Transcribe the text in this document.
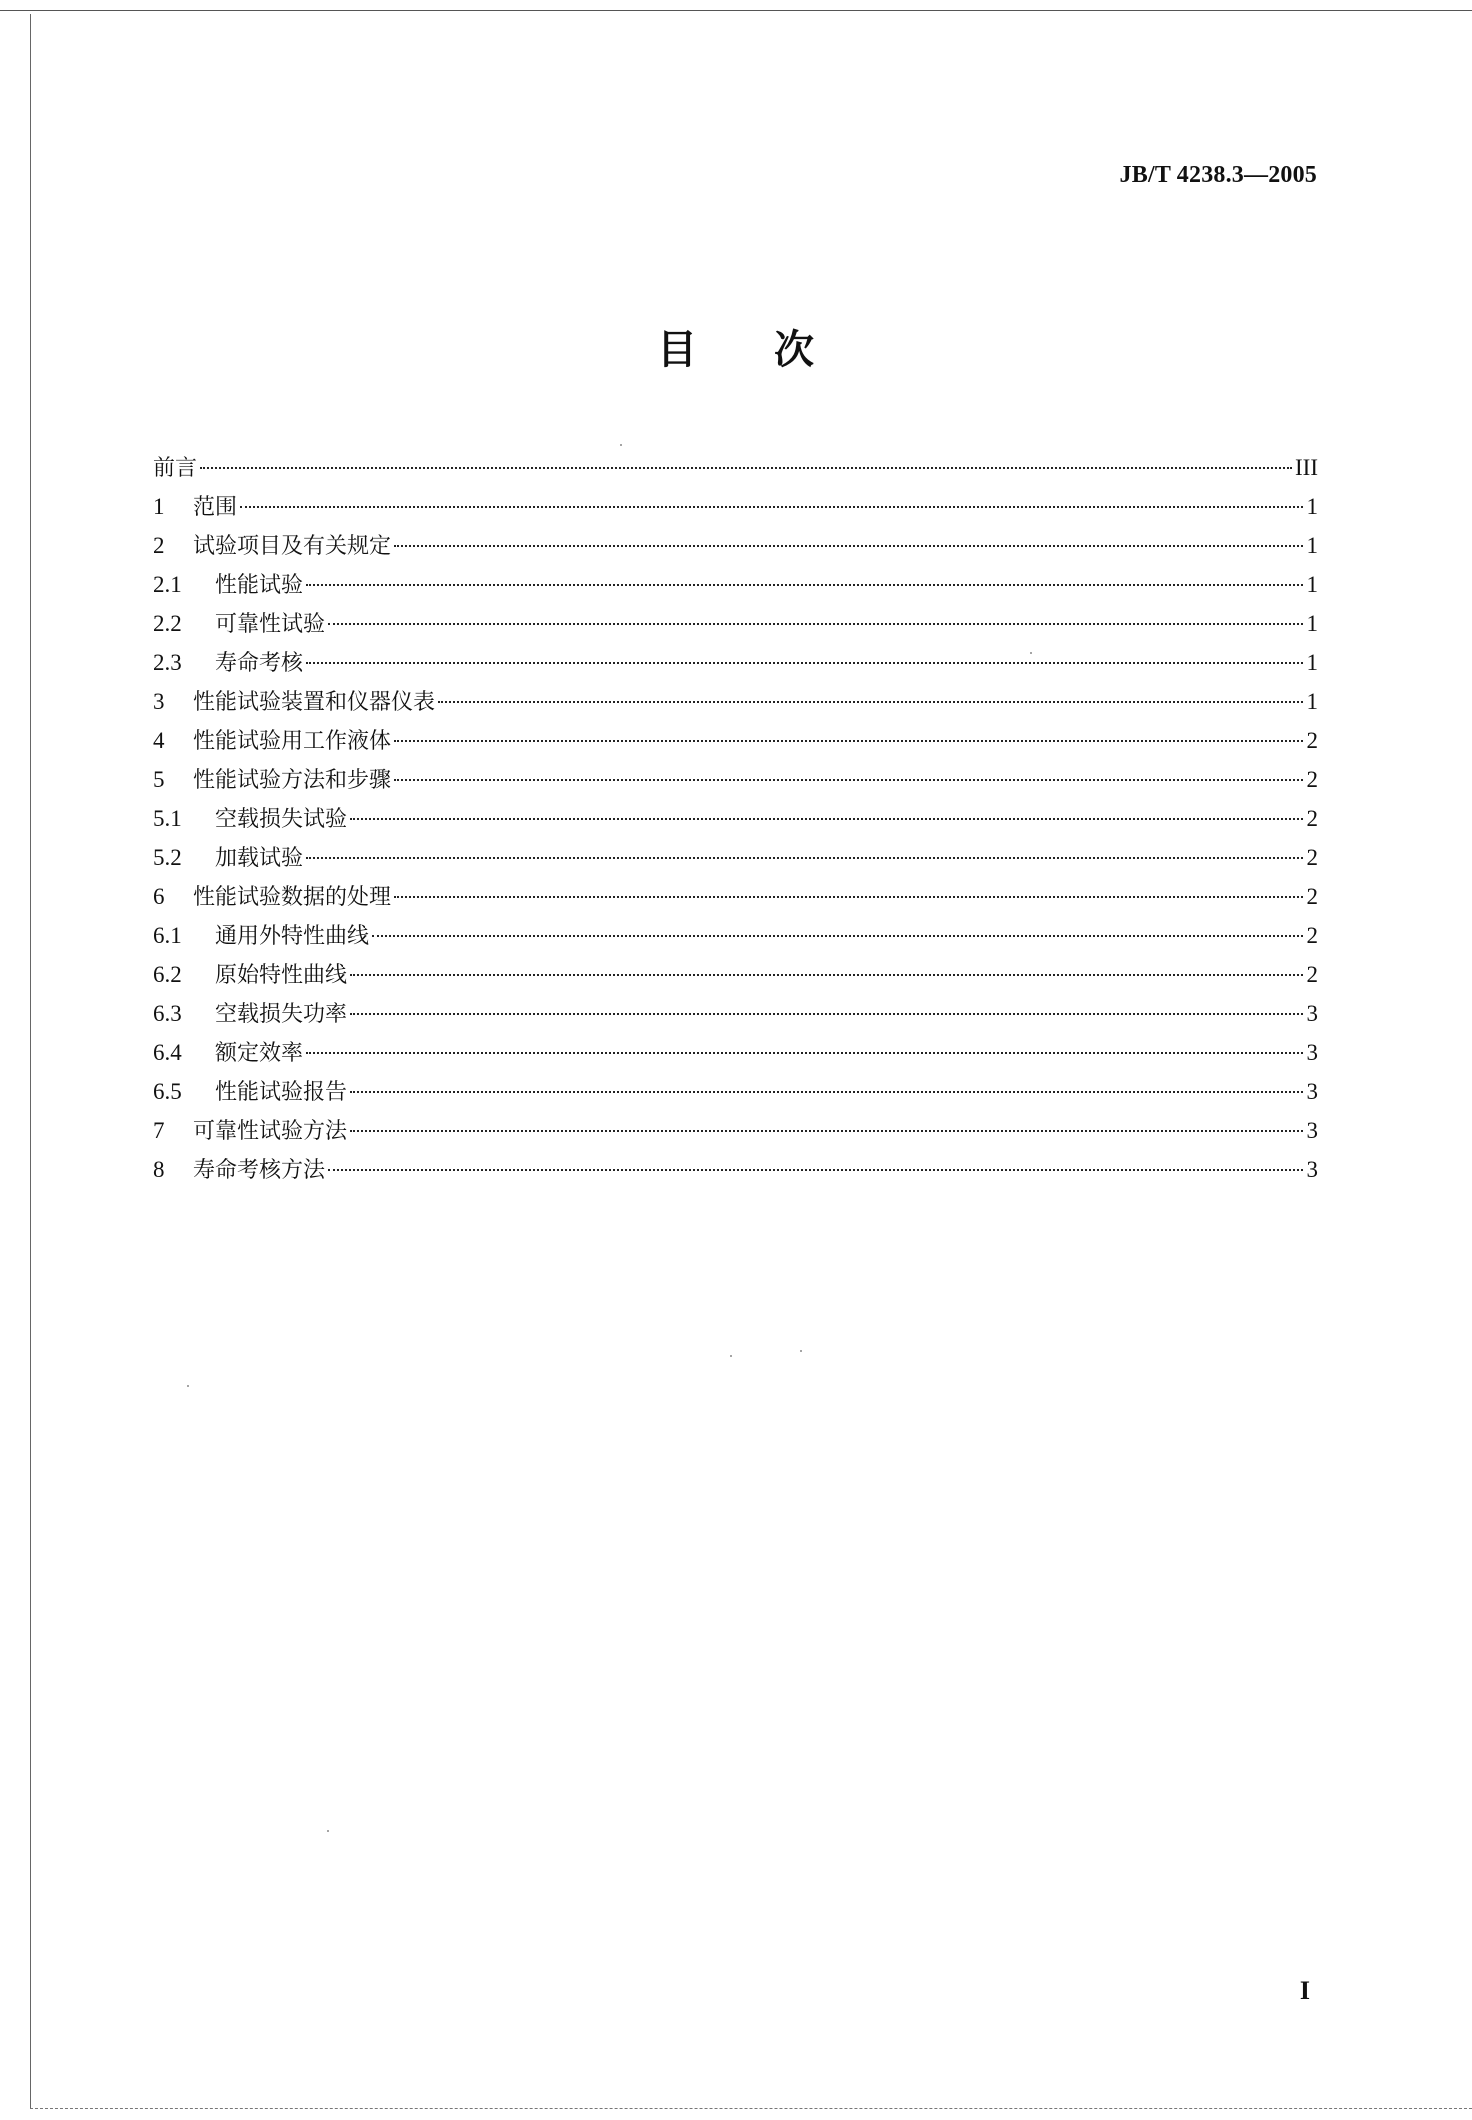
JB/T 4238.3—2005
目 次
前言	III
1	范围	1
2	试验项目及有关规定	1
2.1	性能试验	1
2.2	可靠性试验	1
2.3	寿命考核	1
3	性能试验装置和仪器仪表	1
4	性能试验用工作液体	2
5	性能试验方法和步骤	2
5.1	空载损失试验	2
5.2	加载试验	2
6	性能试验数据的处理	2
6.1	通用外特性曲线	2
6.2	原始特性曲线	2
6.3	空载损失功率	3
6.4	额定效率	3
6.5	性能试验报告	3
7	可靠性试验方法	3
8	寿命考核方法	3
I
